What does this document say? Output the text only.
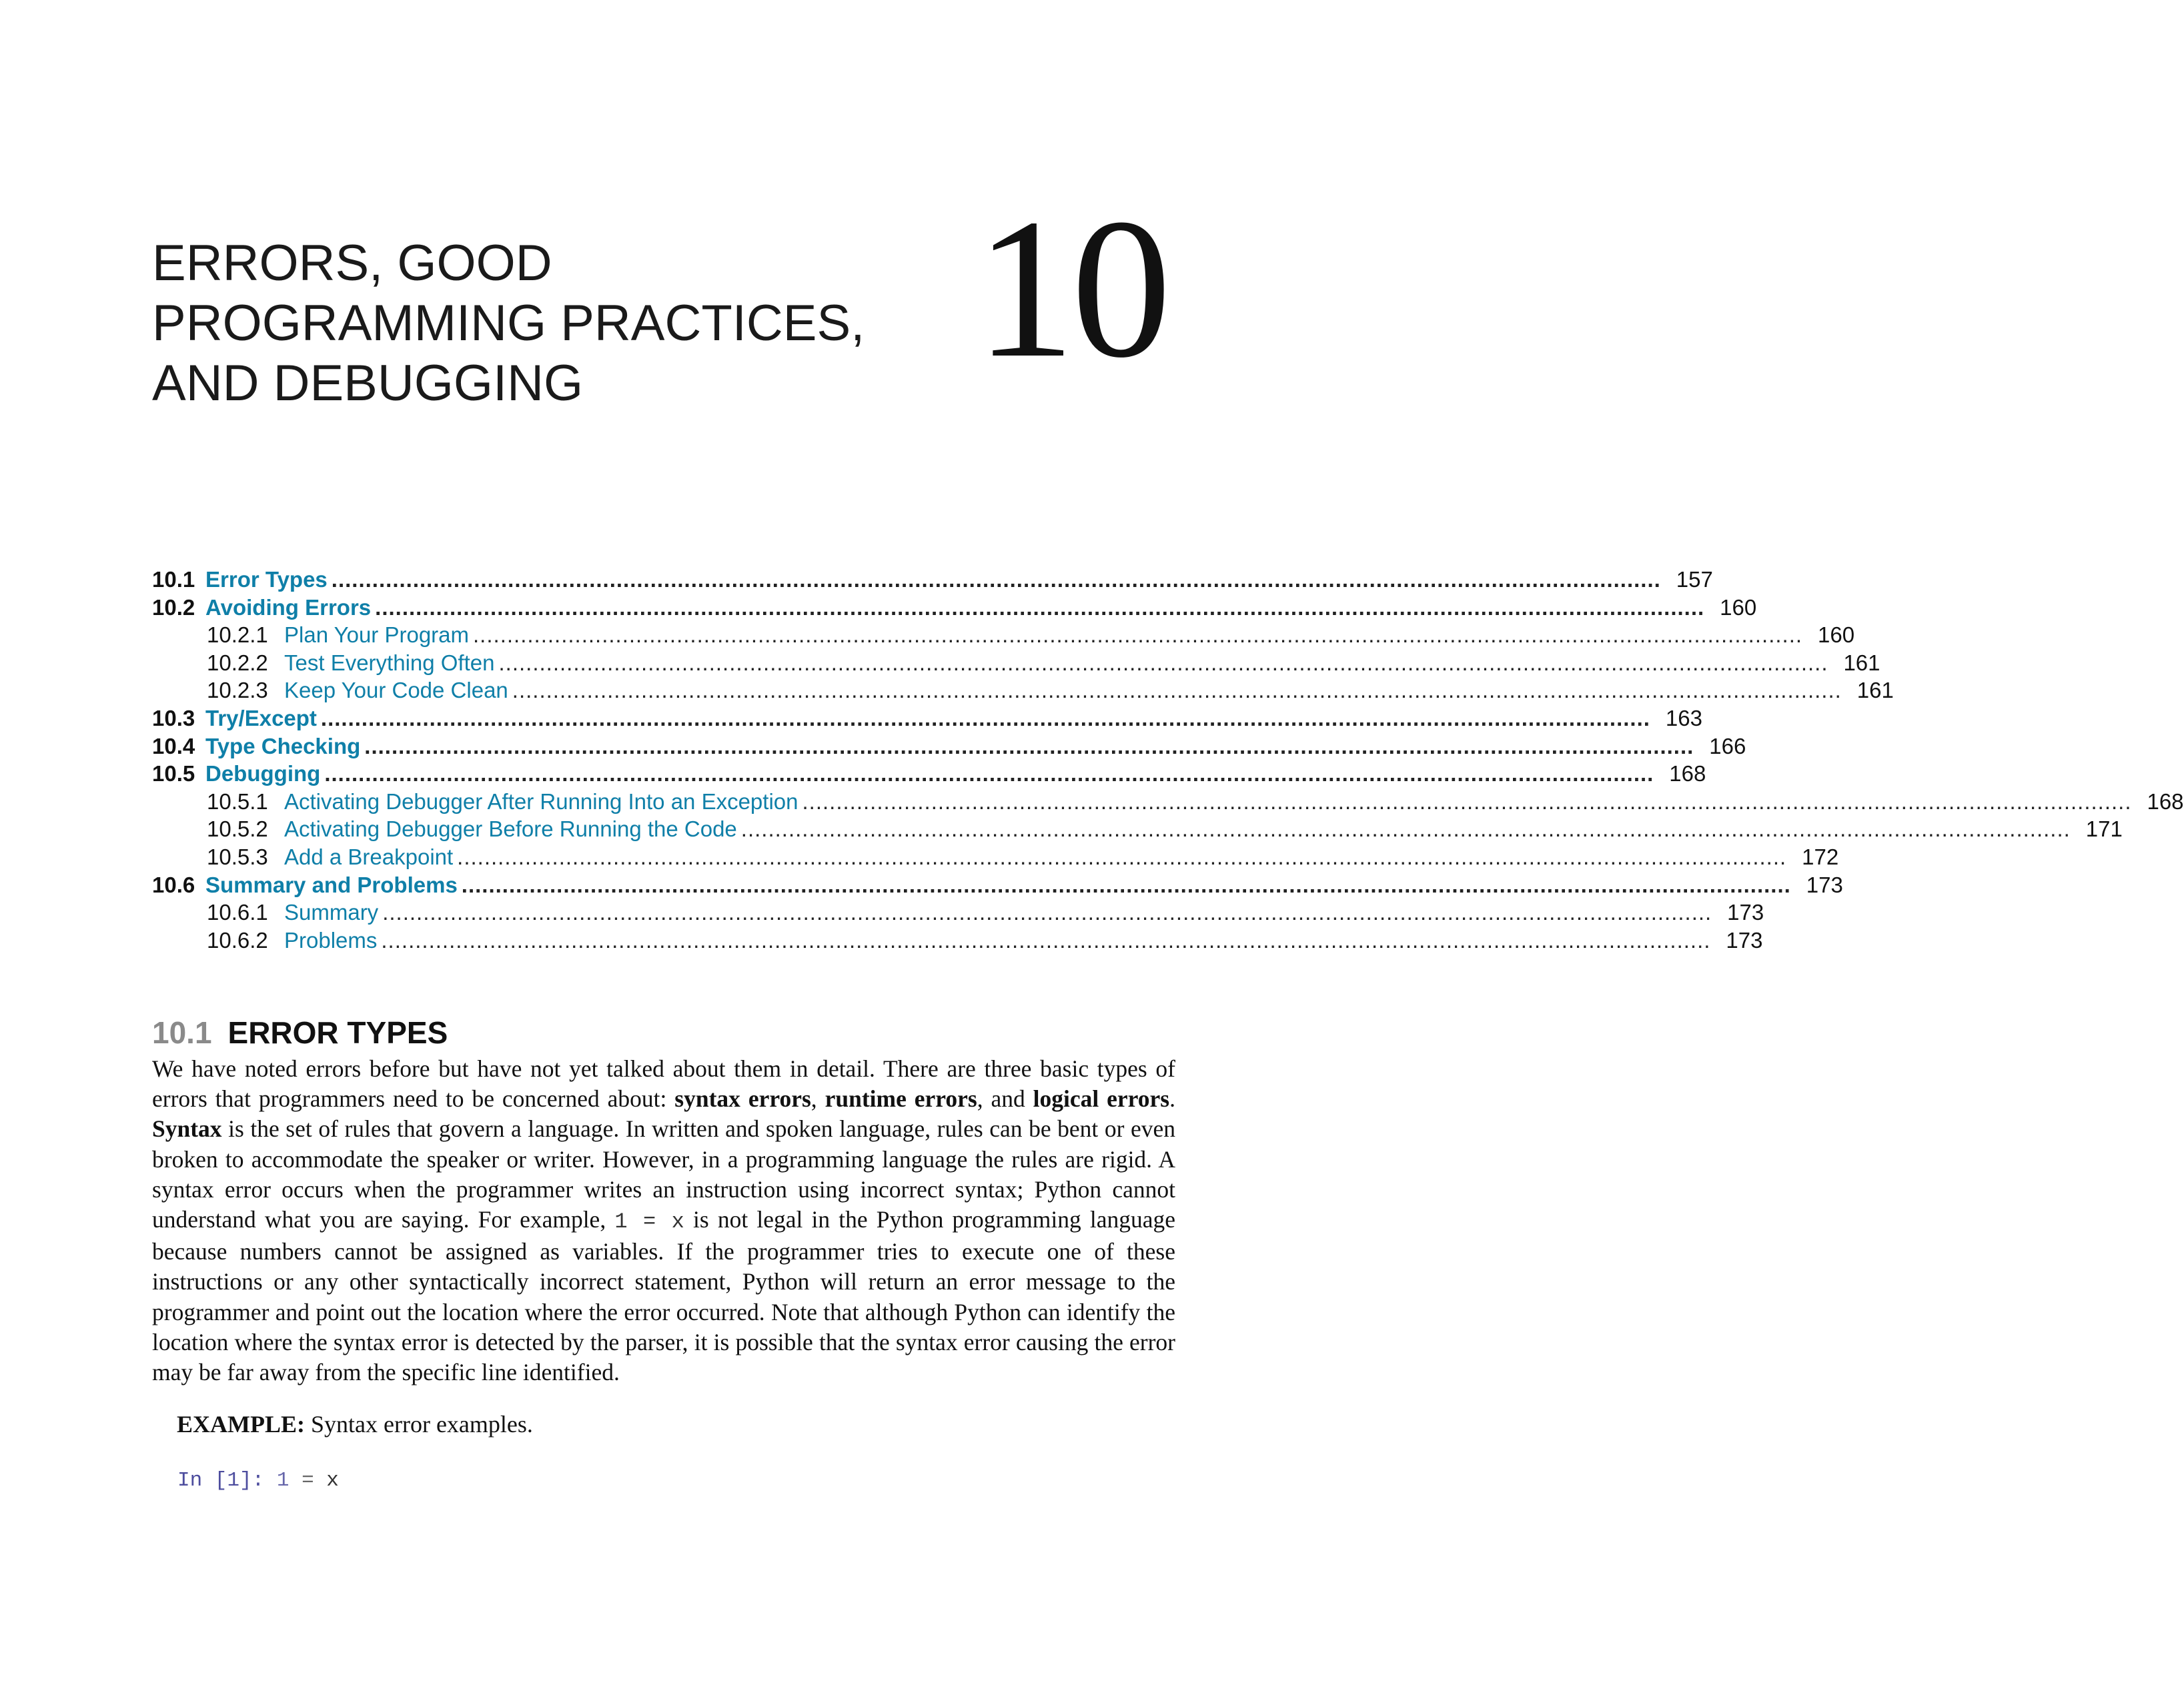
ERRORS, GOOD
PROGRAMMING PRACTICES,
AND DEBUGGING	10
10.1 Error Types .................................................................................................................................................................................................... 157
10.2 Avoiding Errors .................................................................................................................................................................................................... 160
10.2.1 Plan Your Program .................................................................................................................................................................................................... 160
10.2.2 Test Everything Often .................................................................................................................................................................................................... 161
10.2.3 Keep Your Code Clean .................................................................................................................................................................................................... 161
10.3 Try/Except .................................................................................................................................................................................................... 163
10.4 Type Checking .................................................................................................................................................................................................... 166
10.5 Debugging .................................................................................................................................................................................................... 168
10.5.1 Activating Debugger After Running Into an Exception .................................................................................................................................................................................................... 168
10.5.2 Activating Debugger Before Running the Code .................................................................................................................................................................................................... 171
10.5.3 Add a Breakpoint .................................................................................................................................................................................................... 172
10.6 Summary and Problems .................................................................................................................................................................................................... 173
10.6.1 Summary .................................................................................................................................................................................................... 173
10.6.2 Problems .................................................................................................................................................................................................... 173
10.1 ERROR TYPES

We have noted errors before but have not yet talked about them in detail. There are three basic types of errors that programmers need to be concerned about: syntax errors, runtime errors, and logical errors. Syntax is the set of rules that govern a language. In written and spoken language, rules can be bent or even broken to accommodate the speaker or writer. However, in a programming language the rules are rigid. A syntax error occurs when the programmer writes an instruction using incorrect syntax; Python cannot understand what you are saying. For example, 1 = x is not legal in the Python programming language because numbers cannot be assigned as variables. If the programmer tries to execute one of these instructions or any other syntactically incorrect statement, Python will return an error message to the programmer and point out the location where the error occurred. Note that although Python can identify the location where the syntax error is detected by the parser, it is possible that the syntax error causing the error may be far away from the specific line identified.

EXAMPLE: Syntax error examples.

In [1]: 1 = x
